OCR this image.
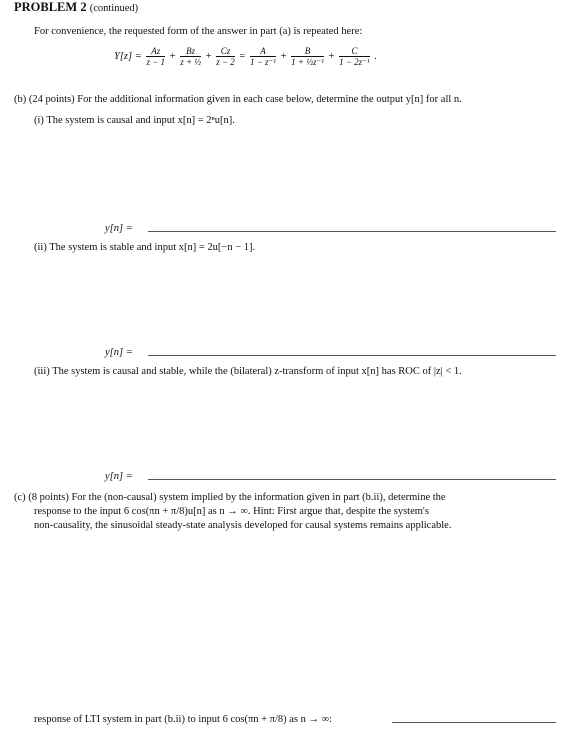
PROBLEM 2 (continued)
For convenience, the requested form of the answer in part (a) is repeated here:
$Y[z] = \frac{Az}{z - 1} + \frac{Bz}{\text{z + ½}} + \frac{Cz}{z - 2} = \frac{A}{\text{1 − z⁻¹}} + \frac{B}{\text{1 + ½z⁻¹}} + \frac{C}{\text{1 − 2z⁻¹}}$ .
(b) (24 points) For the additional information given in each case below, determine the output y[n] for all n.
(i) The system is causal and input x[n] = 2ⁿu[n].
y[n] =
(ii) The system is stable and input x[n] = 2u[−n − 1].
y[n] =
(iii) The system is causal and stable, while the (bilateral) z-transform of input x[n] has ROC of |z| < 1.
y[n] =
(c) (8 points) For the (non-causal) system implied by the information given in part (b.ii), determine the
response to the input 6 cos(πn + π/8)u[n] as n → ∞. Hint: First argue that, despite the system's
non-causality, the sinusoidal steady-state analysis developed for causal systems remains applicable.
response of LTI system in part (b.ii) to input 6 cos(πn + π/8) as n → ∞:
